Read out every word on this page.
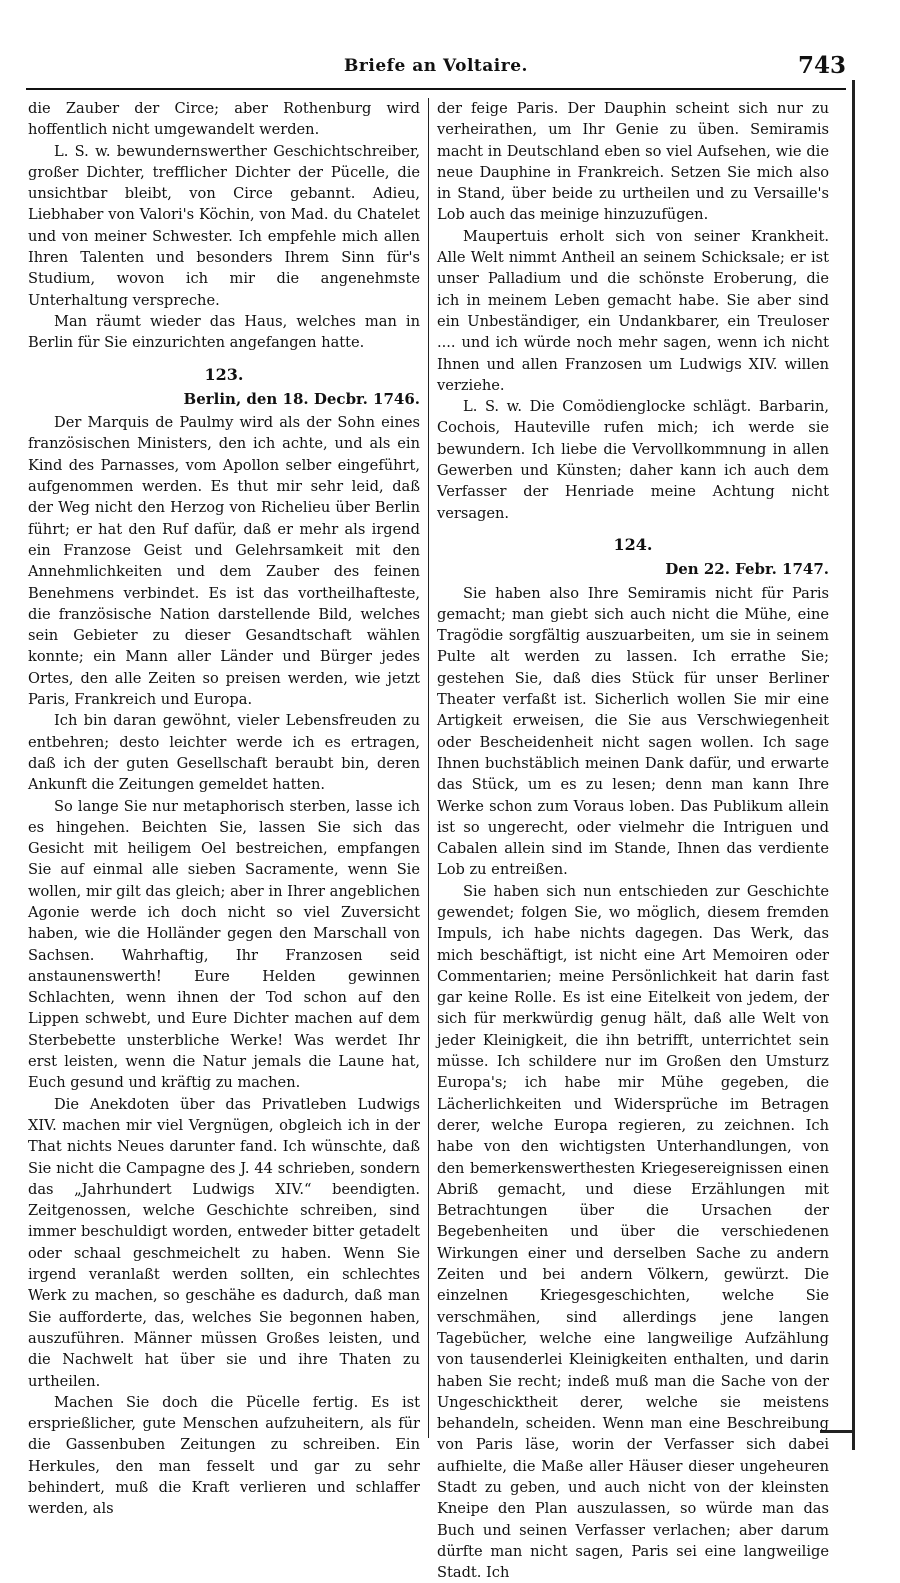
Briefe an Voltaire.	743

die Zauber der Circe; aber Rothenburg wird hoffentlich nicht umgewandelt werden.

L. S. w. bewundernswerther Geschichtschreiber, großer Dichter, trefflicher Dichter der Pücelle, die unsichtbar bleibt, von Circe gebannt. Adieu, Liebhaber von Valori's Köchin, von Mad. du Chatelet und von meiner Schwester. Ich empfehle mich allen Ihren Talenten und besonders Ihrem Sinn für's Studium, wovon ich mir die angenehmste Unterhaltung verspreche.

Man räumt wieder das Haus, welches man in Berlin für Sie einzurichten angefangen hatte.

123.
Berlin, den 18. Decbr. 1746.

Der Marquis de Paulmy wird als der Sohn eines französischen Ministers, den ich achte, und als ein Kind des Parnasses, vom Apollon selber eingeführt, aufgenommen werden. Es thut mir sehr leid, daß der Weg nicht den Herzog von Richelieu über Berlin führt; er hat den Ruf dafür, daß er mehr als irgend ein Franzose Geist und Gelehrsamkeit mit den Annehmlichkeiten und dem Zauber des feinen Benehmens verbindet. Es ist das vortheilhafteste, die französische Nation darstellende Bild, welches sein Gebieter zu dieser Gesandtschaft wählen konnte; ein Mann aller Länder und Bürger jedes Ortes, den alle Zeiten so preisen werden, wie jetzt Paris, Frankreich und Europa.

Ich bin daran gewöhnt, vieler Lebensfreuden zu entbehren; desto leichter werde ich es ertragen, daß ich der guten Gesellschaft beraubt bin, deren Ankunft die Zeitungen gemeldet hatten.

So lange Sie nur metaphorisch sterben, lasse ich es hingehen. Beichten Sie, lassen Sie sich das Gesicht mit heiligem Oel bestreichen, empfangen Sie auf einmal alle sieben Sacramente, wenn Sie wollen, mir gilt das gleich; aber in Ihrer angeblichen Agonie werde ich doch nicht so viel Zuversicht haben, wie die Holländer gegen den Marschall von Sachsen. Wahrhaftig, Ihr Franzosen seid anstaunenswerth! Eure Helden gewinnen Schlachten, wenn ihnen der Tod schon auf den Lippen schwebt, und Eure Dichter machen auf dem Sterbebette unsterbliche Werke! Was werdet Ihr erst leisten, wenn die Natur jemals die Laune hat, Euch gesund und kräftig zu machen.

Die Anekdoten über das Privatleben Ludwigs XIV. machen mir viel Vergnügen, obgleich ich in der That nichts Neues darunter fand. Ich wünschte, daß Sie nicht die Campagne des J. 44 schrieben, sondern das „Jahrhundert Ludwigs XIV.“ beendigten. Zeitgenossen, welche Geschichte schreiben, sind immer beschuldigt worden, entweder bitter getadelt oder schaal geschmeichelt zu haben. Wenn Sie irgend veranlaßt werden sollten, ein schlechtes Werk zu machen, so geschähe es dadurch, daß man Sie aufforderte, das, welches Sie begonnen haben, auszuführen. Männer müssen Großes leisten, und die Nachwelt hat über sie und ihre Thaten zu urtheilen.

Machen Sie doch die Pücelle fertig. Es ist ersprießlicher, gute Menschen aufzuheitern, als für die Gassenbuben Zeitungen zu schreiben. Ein Herkules, den man fesselt und gar zu sehr behindert, muß die Kraft verlieren und schlaffer werden, als

der feige Paris. Der Dauphin scheint sich nur zu verheirathen, um Ihr Genie zu üben. Semiramis macht in Deutschland eben so viel Aufsehen, wie die neue Dauphine in Frankreich. Setzen Sie mich also in Stand, über beide zu urtheilen und zu Versaille's Lob auch das meinige hinzuzufügen.

Maupertuis erholt sich von seiner Krankheit. Alle Welt nimmt Antheil an seinem Schicksale; er ist unser Palladium und die schönste Eroberung, die ich in meinem Leben gemacht habe. Sie aber sind ein Unbeständiger, ein Undankbarer, ein Treuloser .... und ich würde noch mehr sagen, wenn ich nicht Ihnen und allen Franzosen um Ludwigs XIV. willen verziehe.

L. S. w. Die Comödienglocke schlägt. Barbarin, Cochois, Hauteville rufen mich; ich werde sie bewundern. Ich liebe die Vervollkommnung in allen Gewerben und Künsten; daher kann ich auch dem Verfasser der Henriade meine Achtung nicht versagen.

124.
Den 22. Febr. 1747.

Sie haben also Ihre Semiramis nicht für Paris gemacht; man giebt sich auch nicht die Mühe, eine Tragödie sorgfältig auszuarbeiten, um sie in seinem Pulte alt werden zu lassen. Ich errathe Sie; gestehen Sie, daß dies Stück für unser Berliner Theater verfaßt ist. Sicherlich wollen Sie mir eine Artigkeit erweisen, die Sie aus Verschwiegenheit oder Bescheidenheit nicht sagen wollen. Ich sage Ihnen buchstäblich meinen Dank dafür, und erwarte das Stück, um es zu lesen; denn man kann Ihre Werke schon zum Voraus loben. Das Publikum allein ist so ungerecht, oder vielmehr die Intriguen und Cabalen allein sind im Stande, Ihnen das verdiente Lob zu entreißen.

Sie haben sich nun entschieden zur Geschichte gewendet; folgen Sie, wo möglich, diesem fremden Impuls, ich habe nichts dagegen. Das Werk, das mich beschäftigt, ist nicht eine Art Memoiren oder Commentarien; meine Persönlichkeit hat darin fast gar keine Rolle. Es ist eine Eitelkeit von jedem, der sich für merkwürdig genug hält, daß alle Welt von jeder Kleinigkeit, die ihn betrifft, unterrichtet sein müsse. Ich schildere nur im Großen den Umsturz Europa's; ich habe mir Mühe gegeben, die Lächerlichkeiten und Widersprüche im Betragen derer, welche Europa regieren, zu zeichnen. Ich habe von den wichtigsten Unterhandlungen, von den bemerkenswerthesten Kriegesereignissen einen Abriß gemacht, und diese Erzählungen mit Betrachtungen über die Ursachen der Begebenheiten und über die verschiedenen Wirkungen einer und derselben Sache zu andern Zeiten und bei andern Völkern, gewürzt. Die einzelnen Kriegesgeschichten, welche Sie verschmähen, sind allerdings jene langen Tagebücher, welche eine langweilige Aufzählung von tausenderlei Kleinigkeiten enthalten, und darin haben Sie recht; indeß muß man die Sache von der Ungeschicktheit derer, welche sie meistens behandeln, scheiden. Wenn man eine Beschreibung von Paris läse, worin der Verfasser sich dabei aufhielte, die Maße aller Häuser dieser ungeheuren Stadt zu geben, und auch nicht von der kleinsten Kneipe den Plan auszulassen, so würde man das Buch und seinen Verfasser verlachen; aber darum dürfte man nicht sagen, Paris sei eine langweilige Stadt. Ich
